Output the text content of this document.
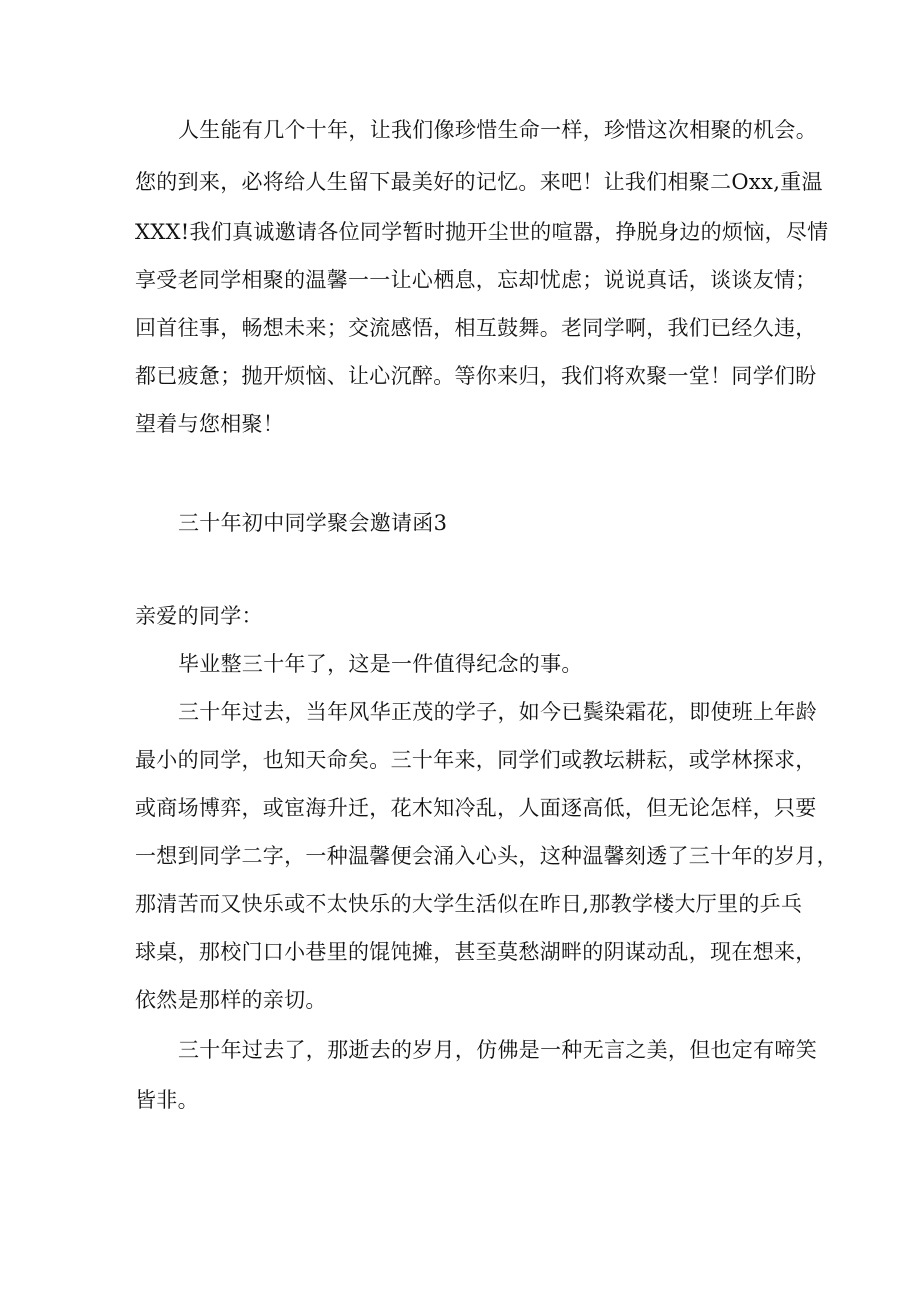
人生能有几个十年，让我们像珍惜生命一样，珍惜这次相聚的机会。
您的到来，必将给人生留下最美好的记忆。来吧！让我们相聚二Oxx,重温
XXX!我们真诚邀请各位同学暂时抛开尘世的喧嚣，挣脱身边的烦恼，尽情
享受老同学相聚的温馨一一让心栖息，忘却忧虑；说说真话，谈谈友情；
回首往事，畅想未来；交流感悟，相互鼓舞。老同学啊，我们已经久违，
都已疲惫；抛开烦恼、让心沉醉。等你来归，我们将欢聚一堂！同学们盼
望着与您相聚！
三十年初中同学聚会邀请函3
亲爱的同学：
毕业整三十年了，这是一件值得纪念的事。
三十年过去，当年风华正茂的学子，如今已鬓染霜花，即使班上年龄
最小的同学，也知天命矣。三十年来，同学们或教坛耕耘，或学林探求，
或商场博弈，或宦海升迁，花木知冷乱，人面逐高低，但无论怎样，只要
一想到同学二字，一种温馨便会涌入心头，这种温馨刻透了三十年的岁月，
那清苦而又快乐或不太快乐的大学生活似在昨日,那教学楼大厅里的乒乓
球桌，那校门口小巷里的馄饨摊，甚至莫愁湖畔的阴谋动乱，现在想来，
依然是那样的亲切。
三十年过去了，那逝去的岁月，仿佛是一种无言之美，但也定有啼笑
皆非。
